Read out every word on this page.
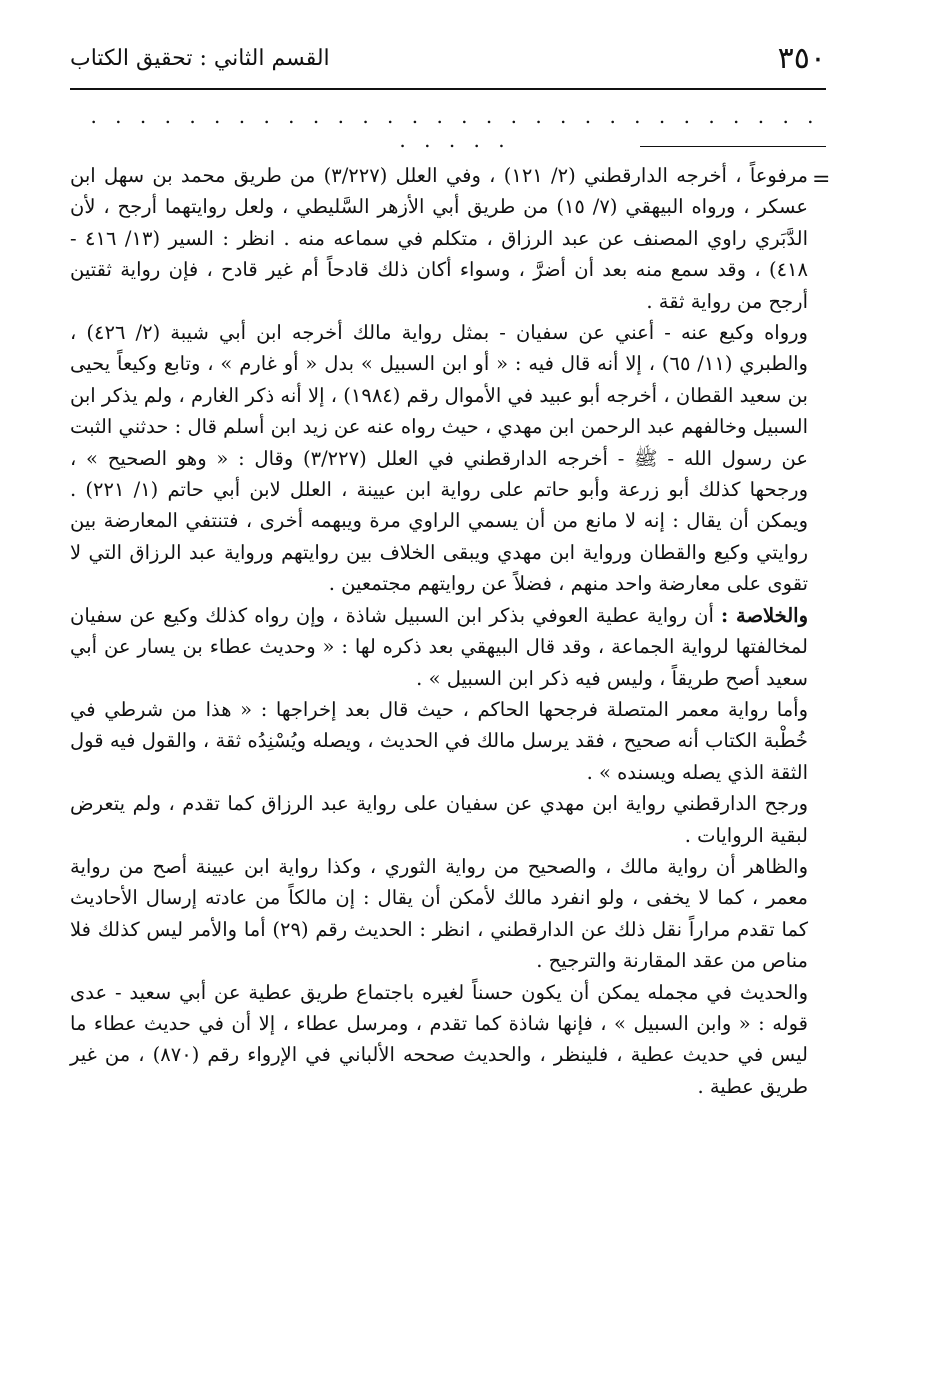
٣٥٠
القسم الثاني : تحقيق الكتاب
. . . . . . . . . . . . . . . . . . . . . . . . . . . . . . . . . . .
=

مرفوعاً ، أخرجه الدارقطني (٢/ ١٢١) ، وفي العلل (٣/٢٢٧) من طريق محمد بن سهل ابن عسكر ، ورواه البيهقي (٧/ ١٥) من طريق أبي الأزهر السَّليطي ، ولعل روايتهما أرجح ، لأن الدَّبَري راوي المصنف عن عبد الرزاق ، متكلم في سماعه منه . انظر : السير (١٣/ ٤١٦ - ٤١٨) ، وقد سمع منه بعد أن أضرَّ ، وسواء أكان ذلك قادحاً أم غير قادح ، فإن رواية ثقتين أرجح من رواية ثقة .

ورواه وكيع عنه - أعني عن سفيان - بمثل رواية مالك أخرجه ابن أبي شيبة (٢/ ٤٢٦) ، والطبري (١١/ ٦٥) ، إلا أنه قال فيه : « أو ابن السبيل » بدل « أو غارم » ، وتابع وكيعاً يحيى بن سعيد القطان ، أخرجه أبو عبيد في الأموال رقم (١٩٨٤) ، إلا أنه ذكر الغارم ، ولم يذكر ابن السبيل وخالفهم عبد الرحمن ابن مهدي ، حيث رواه عنه عن زيد ابن أسلم قال : حدثني الثبت عن رسول الله - ﷺ - أخرجه الدارقطني في العلل (٣/٢٢٧) وقال : « وهو الصحيح » ، ورجحها كذلك أبو زرعة وأبو حاتم على رواية ابن عيينة ، العلل لابن أبي حاتم (١/ ٢٢١) . ويمكن أن يقال : إنه لا مانع من أن يسمي الراوي مرة ويبهمه أخرى ، فتنتفي المعارضة بين روايتي وكيع والقطان ورواية ابن مهدي ويبقى الخلاف بين روايتهم ورواية عبد الرزاق التي لا تقوى على معارضة واحد منهم ، فضلاً عن روايتهم مجتمعين .

والخلاصة : أن رواية عطية العوفي بذكر ابن السبيل شاذة ، وإن رواه كذلك وكيع عن سفيان لمخالفتها لرواية الجماعة ، وقد قال البيهقي بعد ذكره لها : « وحديث عطاء بن يسار عن أبي سعيد أصح طريقاً ، وليس فيه ذكر ابن السبيل » .

وأما رواية معمر المتصلة فرجحها الحاكم ، حيث قال بعد إخراجها : « هذا من شرطي في خُطْبة الكتاب أنه صحيح ، فقد يرسل مالك في الحديث ، ويصله ويُسْنِدُه ثقة ، والقول فيه قول الثقة الذي يصله ويسنده » .

ورجح الدارقطني رواية ابن مهدي عن سفيان على رواية عبد الرزاق كما تقدم ، ولم يتعرض لبقية الروايات .

والظاهر أن رواية مالك ، والصحيح من رواية الثوري ، وكذا رواية ابن عيينة أصح من رواية معمر ، كما لا يخفى ، ولو انفرد مالك لأمكن أن يقال : إن مالكاً من عادته إرسال الأحاديث كما تقدم مراراً نقل ذلك عن الدارقطني ، انظر : الحديث رقم (٢٩) أما والأمر ليس كذلك فلا مناص من عقد المقارنة والترجيح .

والحديث في مجمله يمكن أن يكون حسناً لغيره باجتماع طريق عطية عن أبي سعيد - عدى قوله : « وابن السبيل » ، فإنها شاذة كما تقدم ، ومرسل عطاء ، إلا أن في حديث عطاء ما ليس في حديث عطية ، فلينظر ، والحديث صححه الألباني في الإرواء رقم (٨٧٠) ، من غير طريق عطية .
